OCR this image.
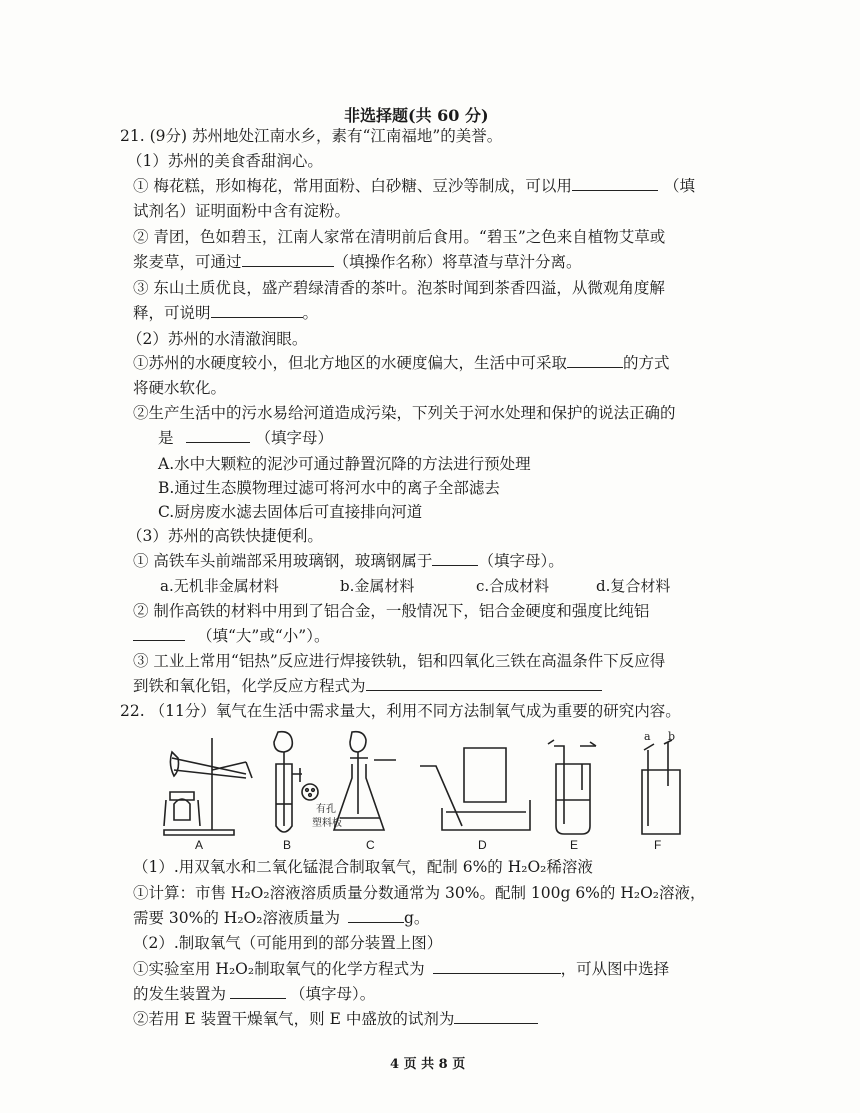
非选择题(共 60 分)
21. (9分) 苏州地处江南水乡，素有“江南福地”的美誉。
（1）苏州的美食香甜润心。
① 梅花糕，形如梅花，常用面粉、白砂糖、豆沙等制成，可以用	（填
试剂名）证明面粉中含有淀粉。
② 青团，色如碧玉，江南人家常在清明前后食用。“碧玉”之色来自植物艾草或
浆麦草，可通过	（填操作名称）将草渣与草汁分离。
③ 东山土质优良，盛产碧绿清香的茶叶。泡茶时闻到茶香四溢，从微观角度解
释，可说明	。
（2）苏州的水清澈润眼。
①苏州的水硬度较小，但北方地区的水硬度偏大，生活中可采取	的方式
将硬水软化。
②生产生活中的污水易给河道造成污染，下列关于河水处理和保护的说法正确的
是	（填字母）
A.水中大颗粒的泥沙可通过静置沉降的方法进行预处理
B.通过生态膜物理过滤可将河水中的离子全部滤去
C.厨房废水滤去固体后可直接排向河道
（3）苏州的高铁快捷便利。
① 高铁车头前端部采用玻璃钢，玻璃钢属于	（填字母）。
a.无机非金属材料	b.金属材料	c.合成材料	d.复合材料
② 制作高铁的材料中用到了铝合金，一般情况下，铝合金硬度和强度比纯铝
（填“大”或“小”）。
③ 工业上常用“铝热”反应进行焊接铁轨，铝和四氧化三铁在高温条件下反应得
到铁和氧化铝，化学反应方程式为
22. （11分）氧气在生活中需求量大，利用不同方法制氧气成为重要的研究内容。
有孔
塑料板
a b
A	B	C	D	E	F
（1）.用双氧水和二氧化锰混合制取氧气，配制 6%的 H₂O₂稀溶液
①计算：市售 H₂O₂溶液溶质质量分数通常为 30%。配制 100g 6%的 H₂O₂溶液，
需要 30%的 H₂O₂溶液质量为	g。
（2）.制取氧气（可能用到的部分装置上图）
①实验室用 H₂O₂制取氧气的化学方程式为	，可从图中选择
的发生装置为	（填字母）。
②若用 E 装置干燥氧气，则 E 中盛放的试剂为
4 页 共 8 页
